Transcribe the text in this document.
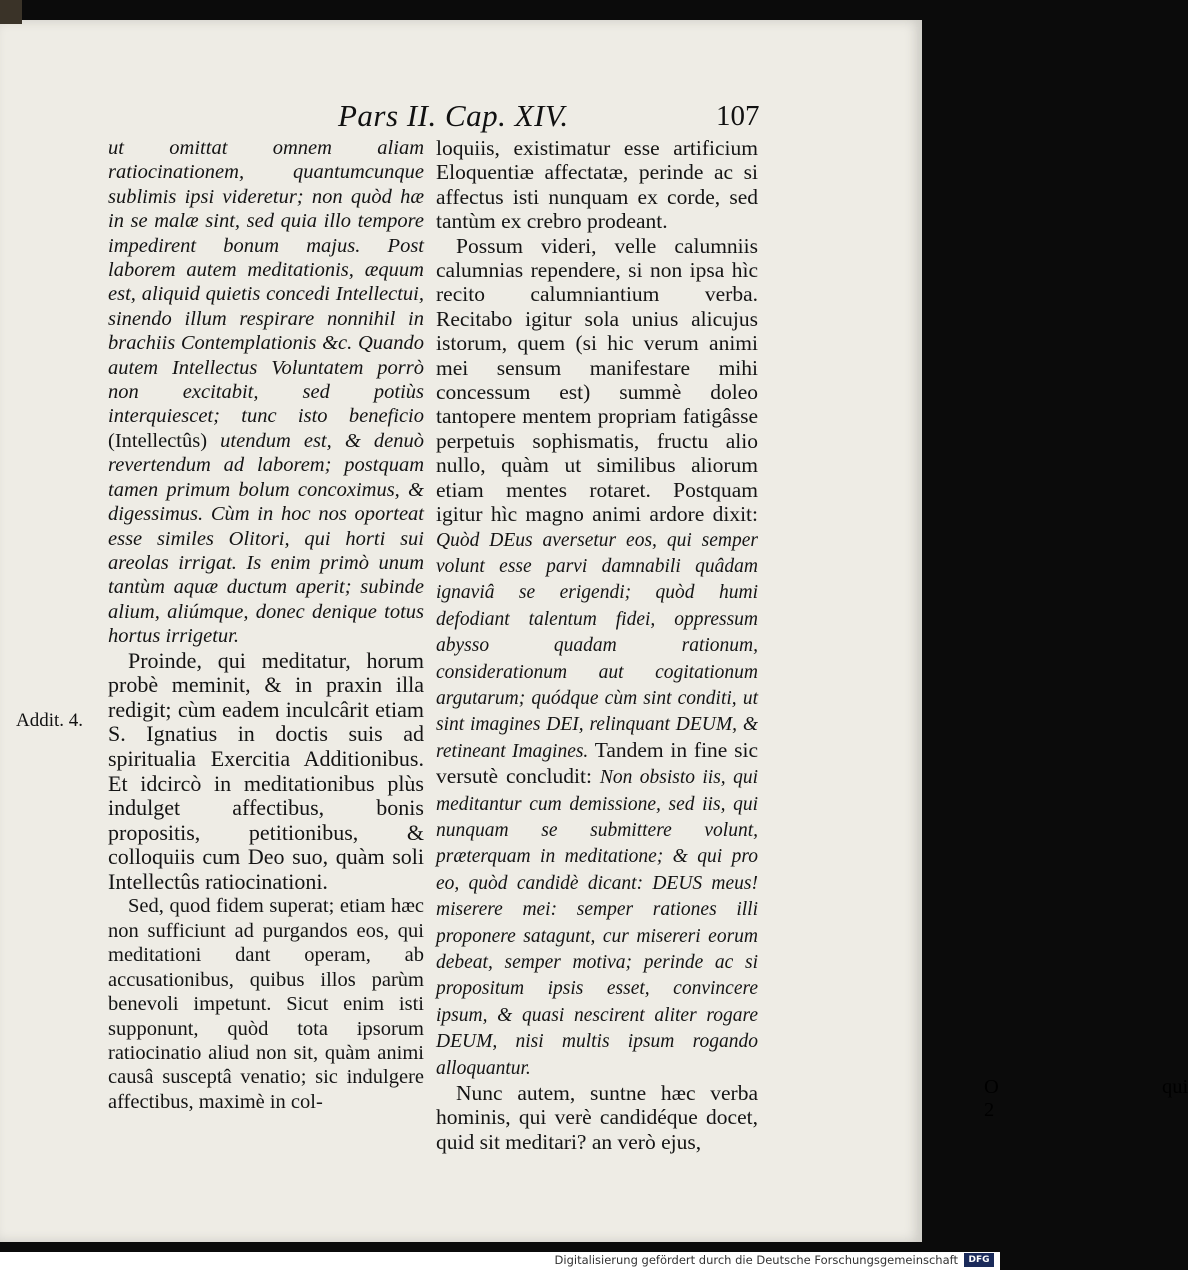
Pars II. Cap. XIV.	107
Addit. 4.

ut omittat omnem aliam ratiocinationem, quantumcunque sublimis ipsi videretur; non quòd hæ in se malæ sint, sed quia illo tempore impedirent bonum majus. Post laborem autem meditationis, æquum est, aliquid quietis concedi Intellectui, sinendo illum respirare nonnihil in brachiis Contemplationis &c. Quando autem Intellectus Voluntatem porrò non excitabit, sed potiùs interquiescet; tunc isto beneficio (Intellectûs) utendum est, & denuò revertendum ad laborem; postquam tamen primum bolum concoximus, & digessimus. Cùm in hoc nos oporteat esse similes Olitori, qui horti sui areolas irrigat. Is enim primò unum tantùm aquæ ductum aperit; subinde alium, aliúmque, donec denique totus hortus irrigetur.

Proinde, qui meditatur, horum probè meminit, & in praxin illa redigit; cùm eadem inculcârit etiam S. Ignatius in doctis suis ad spiritualia Exercitia Additionibus. Et idcircò in meditationibus plùs indulget affectibus, bonis propositis, petitionibus, & colloquiis cum Deo suo, quàm soli Intellectûs ratiocinationi.

Sed, quod fidem superat; etiam hæc non sufficiunt ad purgandos eos, qui meditationi dant operam, ab accusationibus, quibus illos parùm benevoli impetunt. Sicut enim isti supponunt, quòd tota ipsorum ratiocinatio aliud non sit, quàm animi causâ susceptâ venatio; sic indulgere affectibus, maximè in col-

loquiis, existimatur esse artificium Eloquentiæ affectatæ, perinde ac si affectus isti nunquam ex corde, sed tantùm ex crebro prodeant.

Possum videri, velle calumniis calumnias rependere, si non ipsa hìc recito calumniantium verba. Recitabo igitur sola unius alicujus istorum, quem (si hic verum animi mei sensum manifestare mihi concessum est) summè doleo tantopere mentem propriam fatigâsse perpetuis sophismatis, fructu alio nullo, quàm ut similibus aliorum etiam mentes rotaret. Postquam igitur hìc magno animi ardore dixit: Quòd DEus aversetur eos, qui semper volunt esse parvi damnabili quâdam ignaviâ se erigendi; quòd humi defodiant talentum fidei, oppressum abysso quadam rationum, considerationum aut cogitationum argutarum; quódque cùm sint conditi, ut sint imagines DEI, relinquant DEUM, & retineant Imagines. Tandem in fine sic versutè concludit: Non obsisto iis, qui meditantur cum demissione, sed iis, qui nunquam se submittere volunt, præterquam in meditatione; & qui pro eo, quòd candidè dicant: DEUS meus! miserere mei: semper rationes illi proponere satagunt, cur misereri eorum debeat, semper motiva; perinde ac si propositum ipsis esset, convincere ipsum, & quasi nescirent aliter rogare DEUM, nisi multis ipsum rogando alloquantur.

Nunc autem, suntne hæc verba hominis, qui verè candidéque docet, quid sit meditari? an verò ejus,

O 2
qui
Digitalisierung gefördert durch die Deutsche Forschungsgemeinschaft	DFG
